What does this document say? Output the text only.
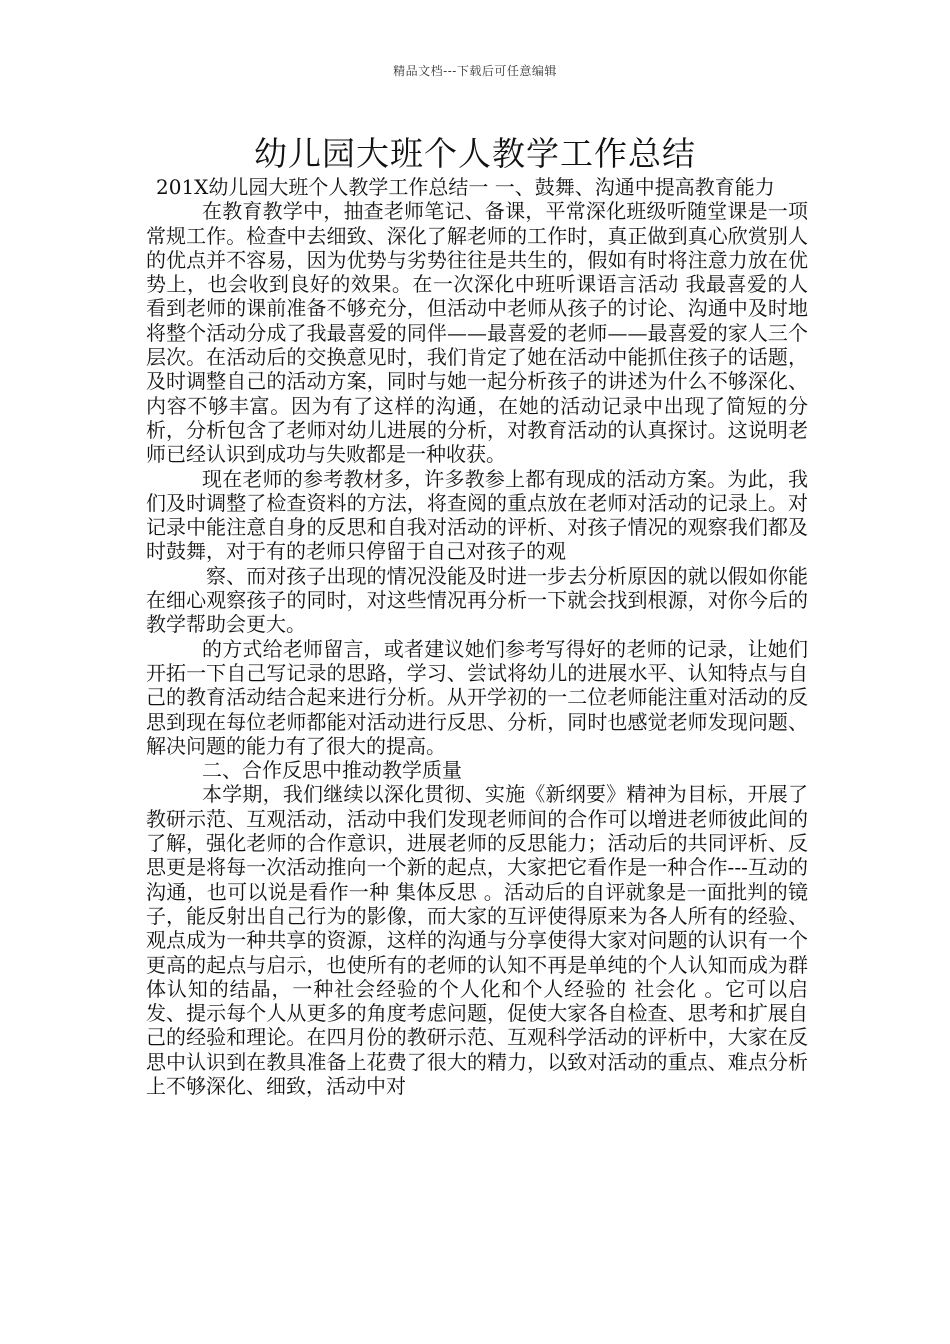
精品文档---下载后可任意编辑
幼儿园大班个人教学工作总结

201X幼儿园大班个人教学工作总结一 一、鼓舞、沟通中提高教育能力

在教育教学中，抽查老师笔记、备课，平常深化班级听随堂课是一项常规工作。检查中去细致、深化了解老师的工作时，真正做到真心欣赏别人的优点并不容易，因为优势与劣势往往是共生的，假如有时将注意力放在优势上，也会收到良好的效果。在一次深化中班听课语言活动 我最喜爱的人 看到老师的课前准备不够充分，但活动中老师从孩子的讨论、沟通中及时地将整个活动分成了我最喜爱的同伴——最喜爱的老师——最喜爱的家人三个层次。在活动后的交换意见时，我们肯定了她在活动中能抓住孩子的话题，及时调整自己的活动方案，同时与她一起分析孩子的讲述为什么不够深化、内容不够丰富。因为有了这样的沟通，在她的活动记录中出现了简短的分析，分析包含了老师对幼儿进展的分析，对教育活动的认真探讨。这说明老师已经认识到成功与失败都是一种收获。

现在老师的参考教材多，许多教参上都有现成的活动方案。为此，我们及时调整了检查资料的方法，将查阅的重点放在老师对活动的记录上。对记录中能注意自身的反思和自我对活动的评析、对孩子情况的观察我们都及时鼓舞，对于有的老师只停留于自己对孩子的观

察、而对孩子出现的情况没能及时进一步去分析原因的就以假如你能在细心观察孩子的同时，对这些情况再分析一下就会找到根源，对你今后的教学帮助会更大。

的方式给老师留言，或者建议她们参考写得好的老师的记录，让她们开拓一下自己写记录的思路，学习、尝试将幼儿的进展水平、认知特点与自己的教育活动结合起来进行分析。从开学初的一二位老师能注重对活动的反思到现在每位老师都能对活动进行反思、分析，同时也感觉老师发现问题、解决问题的能力有了很大的提高。

二、合作反思中推动教学质量

本学期，我们继续以深化贯彻、实施《新纲要》精神为目标，开展了教研示范、互观活动，活动中我们发现老师间的合作可以增进老师彼此间的了解，强化老师的合作意识，进展老师的反思能力；活动后的共同评析、反思更是将每一次活动推向一个新的起点，大家把它看作是一种合作---互动的沟通，也可以说是看作一种 集体反思 。活动后的自评就象是一面批判的镜子，能反射出自己行为的影像，而大家的互评使得原来为各人所有的经验、观点成为一种共享的资源，这样的沟通与分享使得大家对问题的认识有一个更高的起点与启示，也使所有的老师的认知不再是单纯的个人认知而成为群体认知的结晶，一种社会经验的个人化和个人经验的 社会化 。它可以启发、提示每个人从更多的角度考虑问题，促使大家各自检查、思考和扩展自己的经验和理论。在四月份的教研示范、互观科学活动的评析中，大家在反思中认识到在教具准备上花费了很大的精力，以致对活动的重点、难点分析上不够深化、细致，活动中对
